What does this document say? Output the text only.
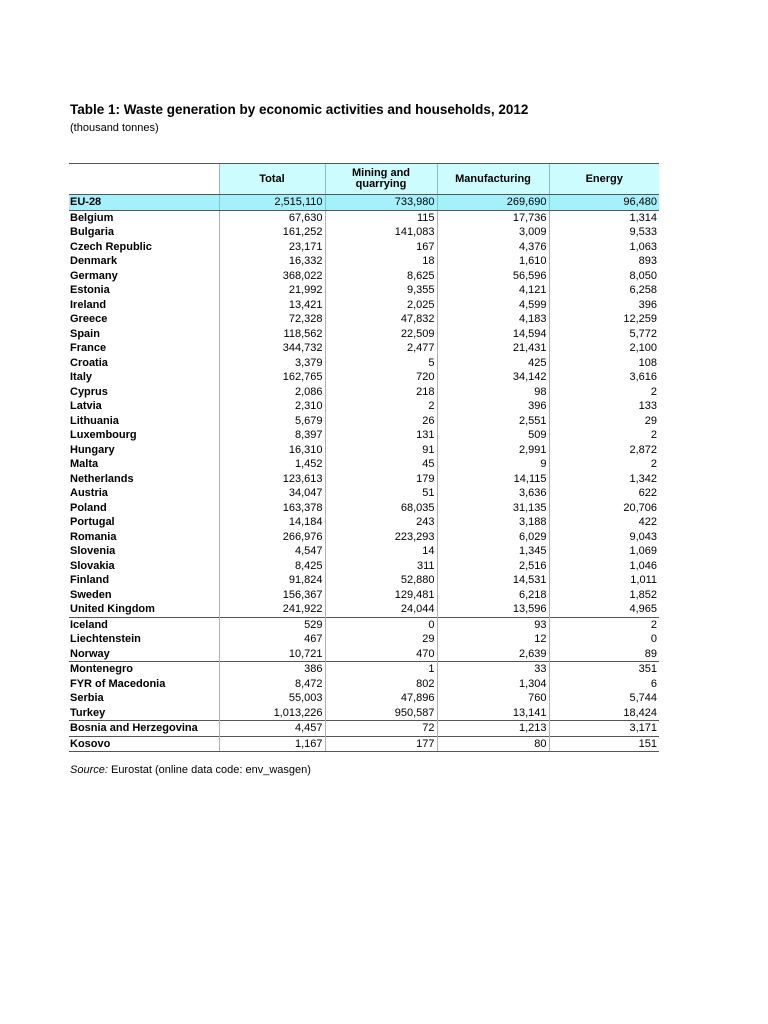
Table 1: Waste generation by economic activities and households, 2012
(thousand tonnes)
	Total	Mining and quarrying	Manufacturing	Energy
EU-28	2,515,110	733,980	269,690	96,480
Belgium	67,630	115	17,736	1,314
Bulgaria	161,252	141,083	3,009	9,533
Czech Republic	23,171	167	4,376	1,063
Denmark	16,332	18	1,610	893
Germany	368,022	8,625	56,596	8,050
Estonia	21,992	9,355	4,121	6,258
Ireland	13,421	2,025	4,599	396
Greece	72,328	47,832	4,183	12,259
Spain	118,562	22,509	14,594	5,772
France	344,732	2,477	21,431	2,100
Croatia	3,379	5	425	108
Italy	162,765	720	34,142	3,616
Cyprus	2,086	218	98	2
Latvia	2,310	2	396	133
Lithuania	5,679	26	2,551	29
Luxembourg	8,397	131	509	2
Hungary	16,310	91	2,991	2,872
Malta	1,452	45	9	2
Netherlands	123,613	179	14,115	1,342
Austria	34,047	51	3,636	622
Poland	163,378	68,035	31,135	20,706
Portugal	14,184	243	3,188	422
Romania	266,976	223,293	6,029	9,043
Slovenia	4,547	14	1,345	1,069
Slovakia	8,425	311	2,516	1,046
Finland	91,824	52,880	14,531	1,011
Sweden	156,367	129,481	6,218	1,852
United Kingdom	241,922	24,044	13,596	4,965
Iceland	529	0	93	2
Liechtenstein	467	29	12	0
Norway	10,721	470	2,639	89
Montenegro	386	1	33	351
FYR of Macedonia	8,472	802	1,304	6
Serbia	55,003	47,896	760	5,744
Turkey	1,013,226	950,587	13,141	18,424
Bosnia and Herzegovina	4,457	72	1,213	3,171
Kosovo	1,167	177	80	151
Source: Eurostat (online data code: env_wasgen)
